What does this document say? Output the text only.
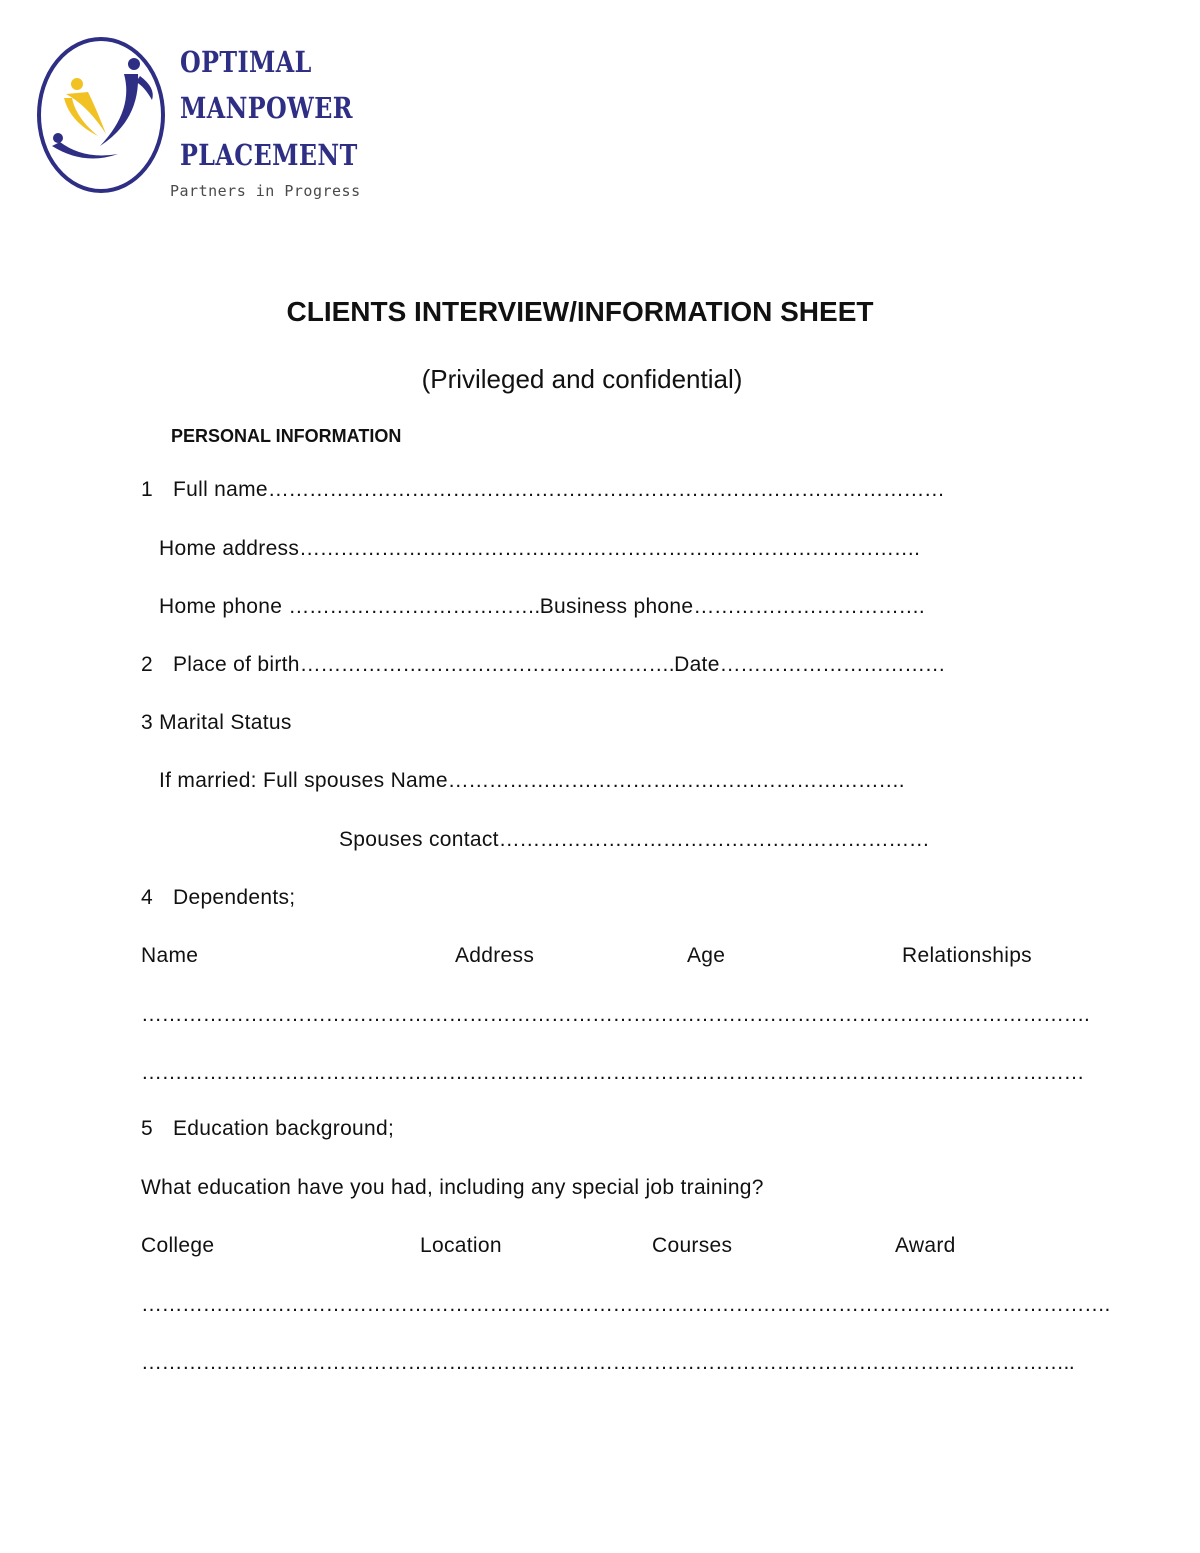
OPTIMAL
MANPOWER
PLACEMENT
Partners in Progress
CLIENTS INTERVIEW/INFORMATION SHEET
(Privileged and confidential)
PERSONAL INFORMATION
1 Full name………………………………………………………………………………………
Home address……………………………………………………………………………….
Home phone ……………………………….Business phone…………………………….
2 Place of birth……………………………………………….Date……………………………
3 Marital Status
If married: Full spouses Name………………………………………………………….
Spouses contact………………………………………………………
4 Dependents;
Name	Address	Age	Relationships
………………………………………………………………………………………………………………………….
…………………………………………………………………………………………………………………………
5 Education background;
What education have you had, including any special job training?
College	Location	Courses	Award
…………………………………………………………………………………………………………………………….
………………………………………………………………………………………………………………………..
